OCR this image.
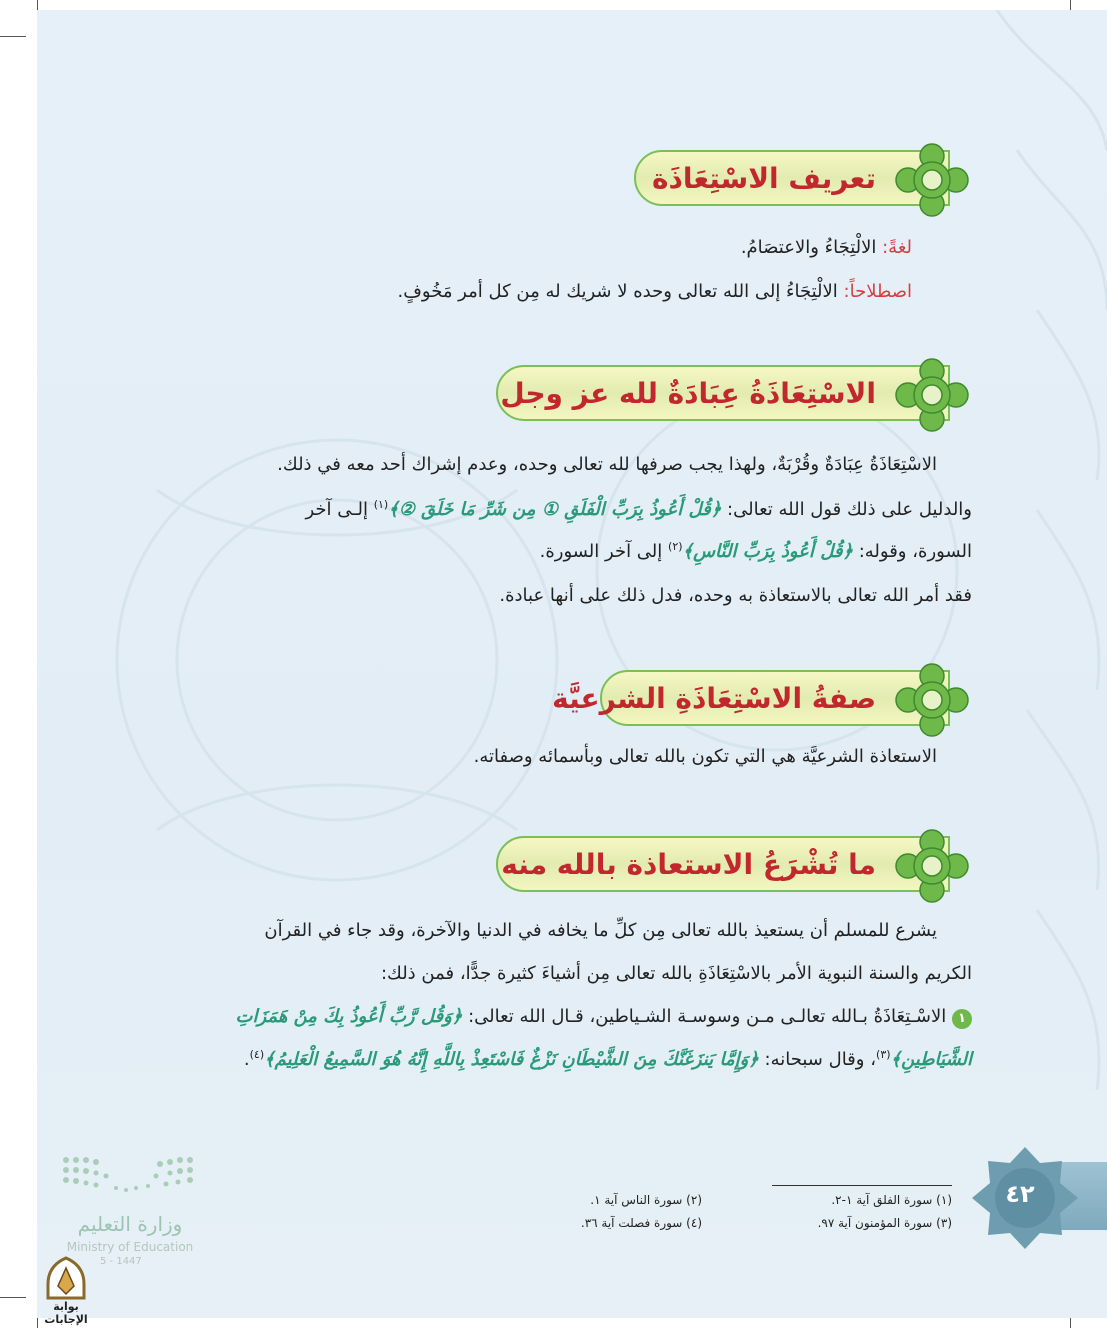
تعريف الاسْتِعَاذَة
لغةً: الالْتِجَاءُ والاعتصَامُ.
اصطلاحاً: الالْتِجَاءُ إلى الله تعالى وحده لا شريك له مِن كل أمر مَخُوفٍ.
الاسْتِعَاذَةُ عِبَادَةٌ لله عز وجل
الاسْتِعَاذَةُ عِبَادَةٌ وقُرْبَةٌ، ولهذا يجب صرفها لله تعالى وحده، وعدم إشراك أحد معه في ذلك.
والدليل على ذلك قول الله تعالى: ﴿قُلْ أَعُوذُ بِرَبِّ الْفَلَقِ ① مِن شَرِّ مَا خَلَقَ ②﴾$^{(١)}$ إلـى آخر
السورة، وقوله: ﴿قُلْ أَعُوذُ بِرَبِّ النَّاسِ﴾$^{(٢)}$ إلى آخر السورة.
فقد أمر الله تعالى بالاستعاذة به وحده، فدل ذلك على أنها عبادة.
صفةُ الاسْتِعَاذَةِ الشرعيَّة
الاستعاذة الشرعيَّة هي التي تكون بالله تعالى وبأسمائه وصفاته.
ما تُشْرَعُ الاستعاذة بالله منه
يشرع للمسلم أن يستعيذ بالله تعالى مِن كلِّ ما يخافه في الدنيا والآخرة، وقد جاء في القرآن
الكريم والسنة النبوية الأمر بالاسْتِعَاذَةِ بالله تعالى مِن أشياءَ كثيرة جدًّا، فمن ذلك:
١ الاسْـتِعَاذَةُ بـالله تعالـى مـن وسوسـة الشـياطين، قـال الله تعالى: ﴿وَقُل رَّبِّ أَعُوذُ بِكَ مِنْ هَمَزَاتِ
الشَّيَاطِينِ﴾$^{(٣)}$، وقال سبحانه: ﴿وَإِمَّا يَنزَغَنَّكَ مِنَ الشَّيْطَانِ نَزْغٌ فَاسْتَعِذْ بِاللَّهِ إِنَّهُ هُوَ السَّمِيعُ الْعَلِيمُ﴾$^{(٤)}$.
(١) سورة الفلق آية ١-٢.
(٢) سورة الناس آية ١.
(٣) سورة المؤمنون آية ٩٧.
(٤) سورة فصلت آية ٣٦.
٤٢
وزارة التعليم
Ministry of Education
5 - 1447
بوابة الإجابات
